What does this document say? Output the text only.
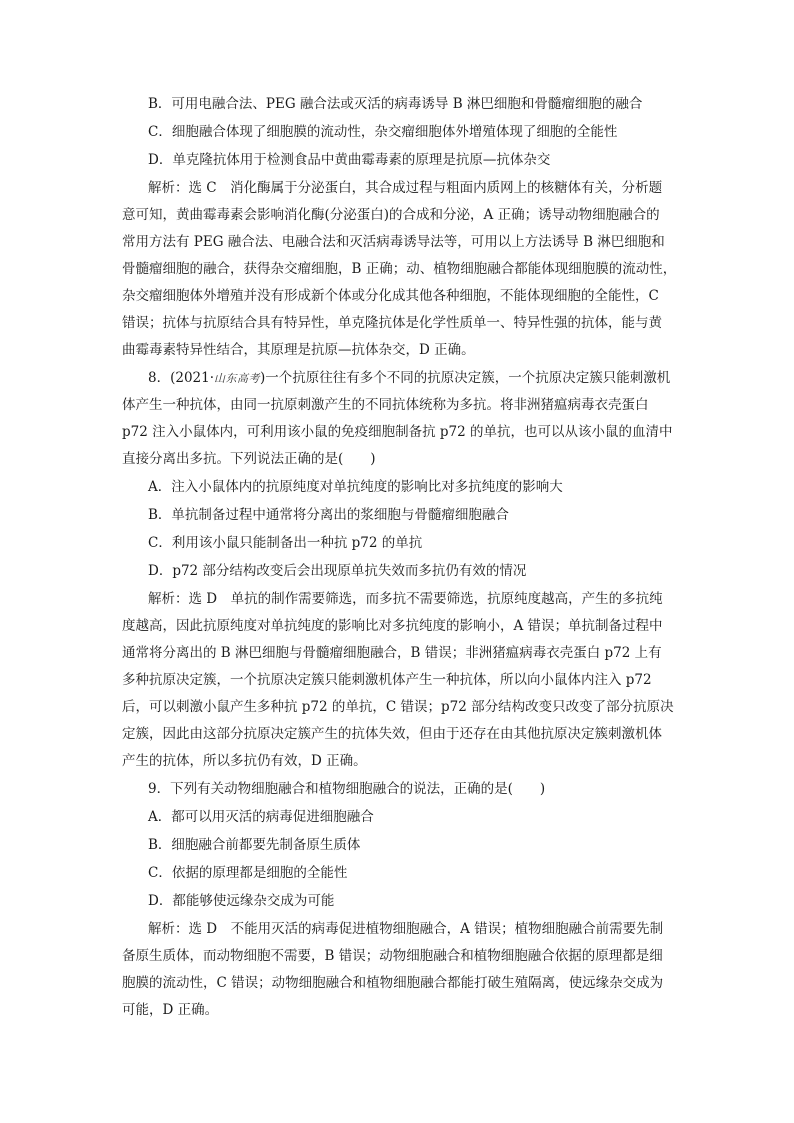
B．可用电融合法、PEG 融合法或灭活的病毒诱导 B 淋巴细胞和骨髓瘤细胞的融合
C．细胞融合体现了细胞膜的流动性，杂交瘤细胞体外增殖体现了细胞的全能性
D．单克隆抗体用于检测食品中黄曲霉毒素的原理是抗原—抗体杂交
解析：选 C　消化酶属于分泌蛋白，其合成过程与粗面内质网上的核糖体有关，分析题
意可知，黄曲霉毒素会影响消化酶(分泌蛋白)的合成和分泌，A 正确；诱导动物细胞融合的
常用方法有 PEG 融合法、电融合法和灭活病毒诱导法等，可用以上方法诱导 B 淋巴细胞和
骨髓瘤细胞的融合，获得杂交瘤细胞，B 正确；动、植物细胞融合都能体现细胞膜的流动性，
杂交瘤细胞体外增殖并没有形成新个体或分化成其他各种细胞，不能体现细胞的全能性，C
错误；抗体与抗原结合具有特异性，单克隆抗体是化学性质单一、特异性强的抗体，能与黄
曲霉毒素特异性结合，其原理是抗原—抗体杂交，D 正确。
8．(2021·山东高考)一个抗原往往有多个不同的抗原决定簇，一个抗原决定簇只能刺激机
体产生一种抗体，由同一抗原刺激产生的不同抗体统称为多抗。将非洲猪瘟病毒衣壳蛋白
p72 注入小鼠体内，可利用该小鼠的免疫细胞制备抗 p72 的单抗，也可以从该小鼠的血清中
直接分离出多抗。下列说法正确的是(　　)
A．注入小鼠体内的抗原纯度对单抗纯度的影响比对多抗纯度的影响大
B．单抗制备过程中通常将分离出的浆细胞与骨髓瘤细胞融合
C．利用该小鼠只能制备出一种抗 p72 的单抗
D．p72 部分结构改变后会出现原单抗失效而多抗仍有效的情况
解析：选 D　单抗的制作需要筛选，而多抗不需要筛选，抗原纯度越高，产生的多抗纯
度越高，因此抗原纯度对单抗纯度的影响比对多抗纯度的影响小，A 错误；单抗制备过程中
通常将分离出的 B 淋巴细胞与骨髓瘤细胞融合，B 错误；非洲猪瘟病毒衣壳蛋白 p72 上有
多种抗原决定簇，一个抗原决定簇只能刺激机体产生一种抗体，所以向小鼠体内注入 p72
后，可以刺激小鼠产生多种抗 p72 的单抗，C 错误；p72 部分结构改变只改变了部分抗原决
定簇，因此由这部分抗原决定簇产生的抗体失效，但由于还存在由其他抗原决定簇刺激机体
产生的抗体，所以多抗仍有效，D 正确。
9．下列有关动物细胞融合和植物细胞融合的说法，正确的是(　　)
A．都可以用灭活的病毒促进细胞融合
B．细胞融合前都要先制备原生质体
C．依据的原理都是细胞的全能性
D．都能够使远缘杂交成为可能
解析：选 D　不能用灭活的病毒促进植物细胞融合，A 错误；植物细胞融合前需要先制
备原生质体，而动物细胞不需要，B 错误；动物细胞融合和植物细胞融合依据的原理都是细
胞膜的流动性，C 错误；动物细胞融合和植物细胞融合都能打破生殖隔离，使远缘杂交成为
可能，D 正确。
